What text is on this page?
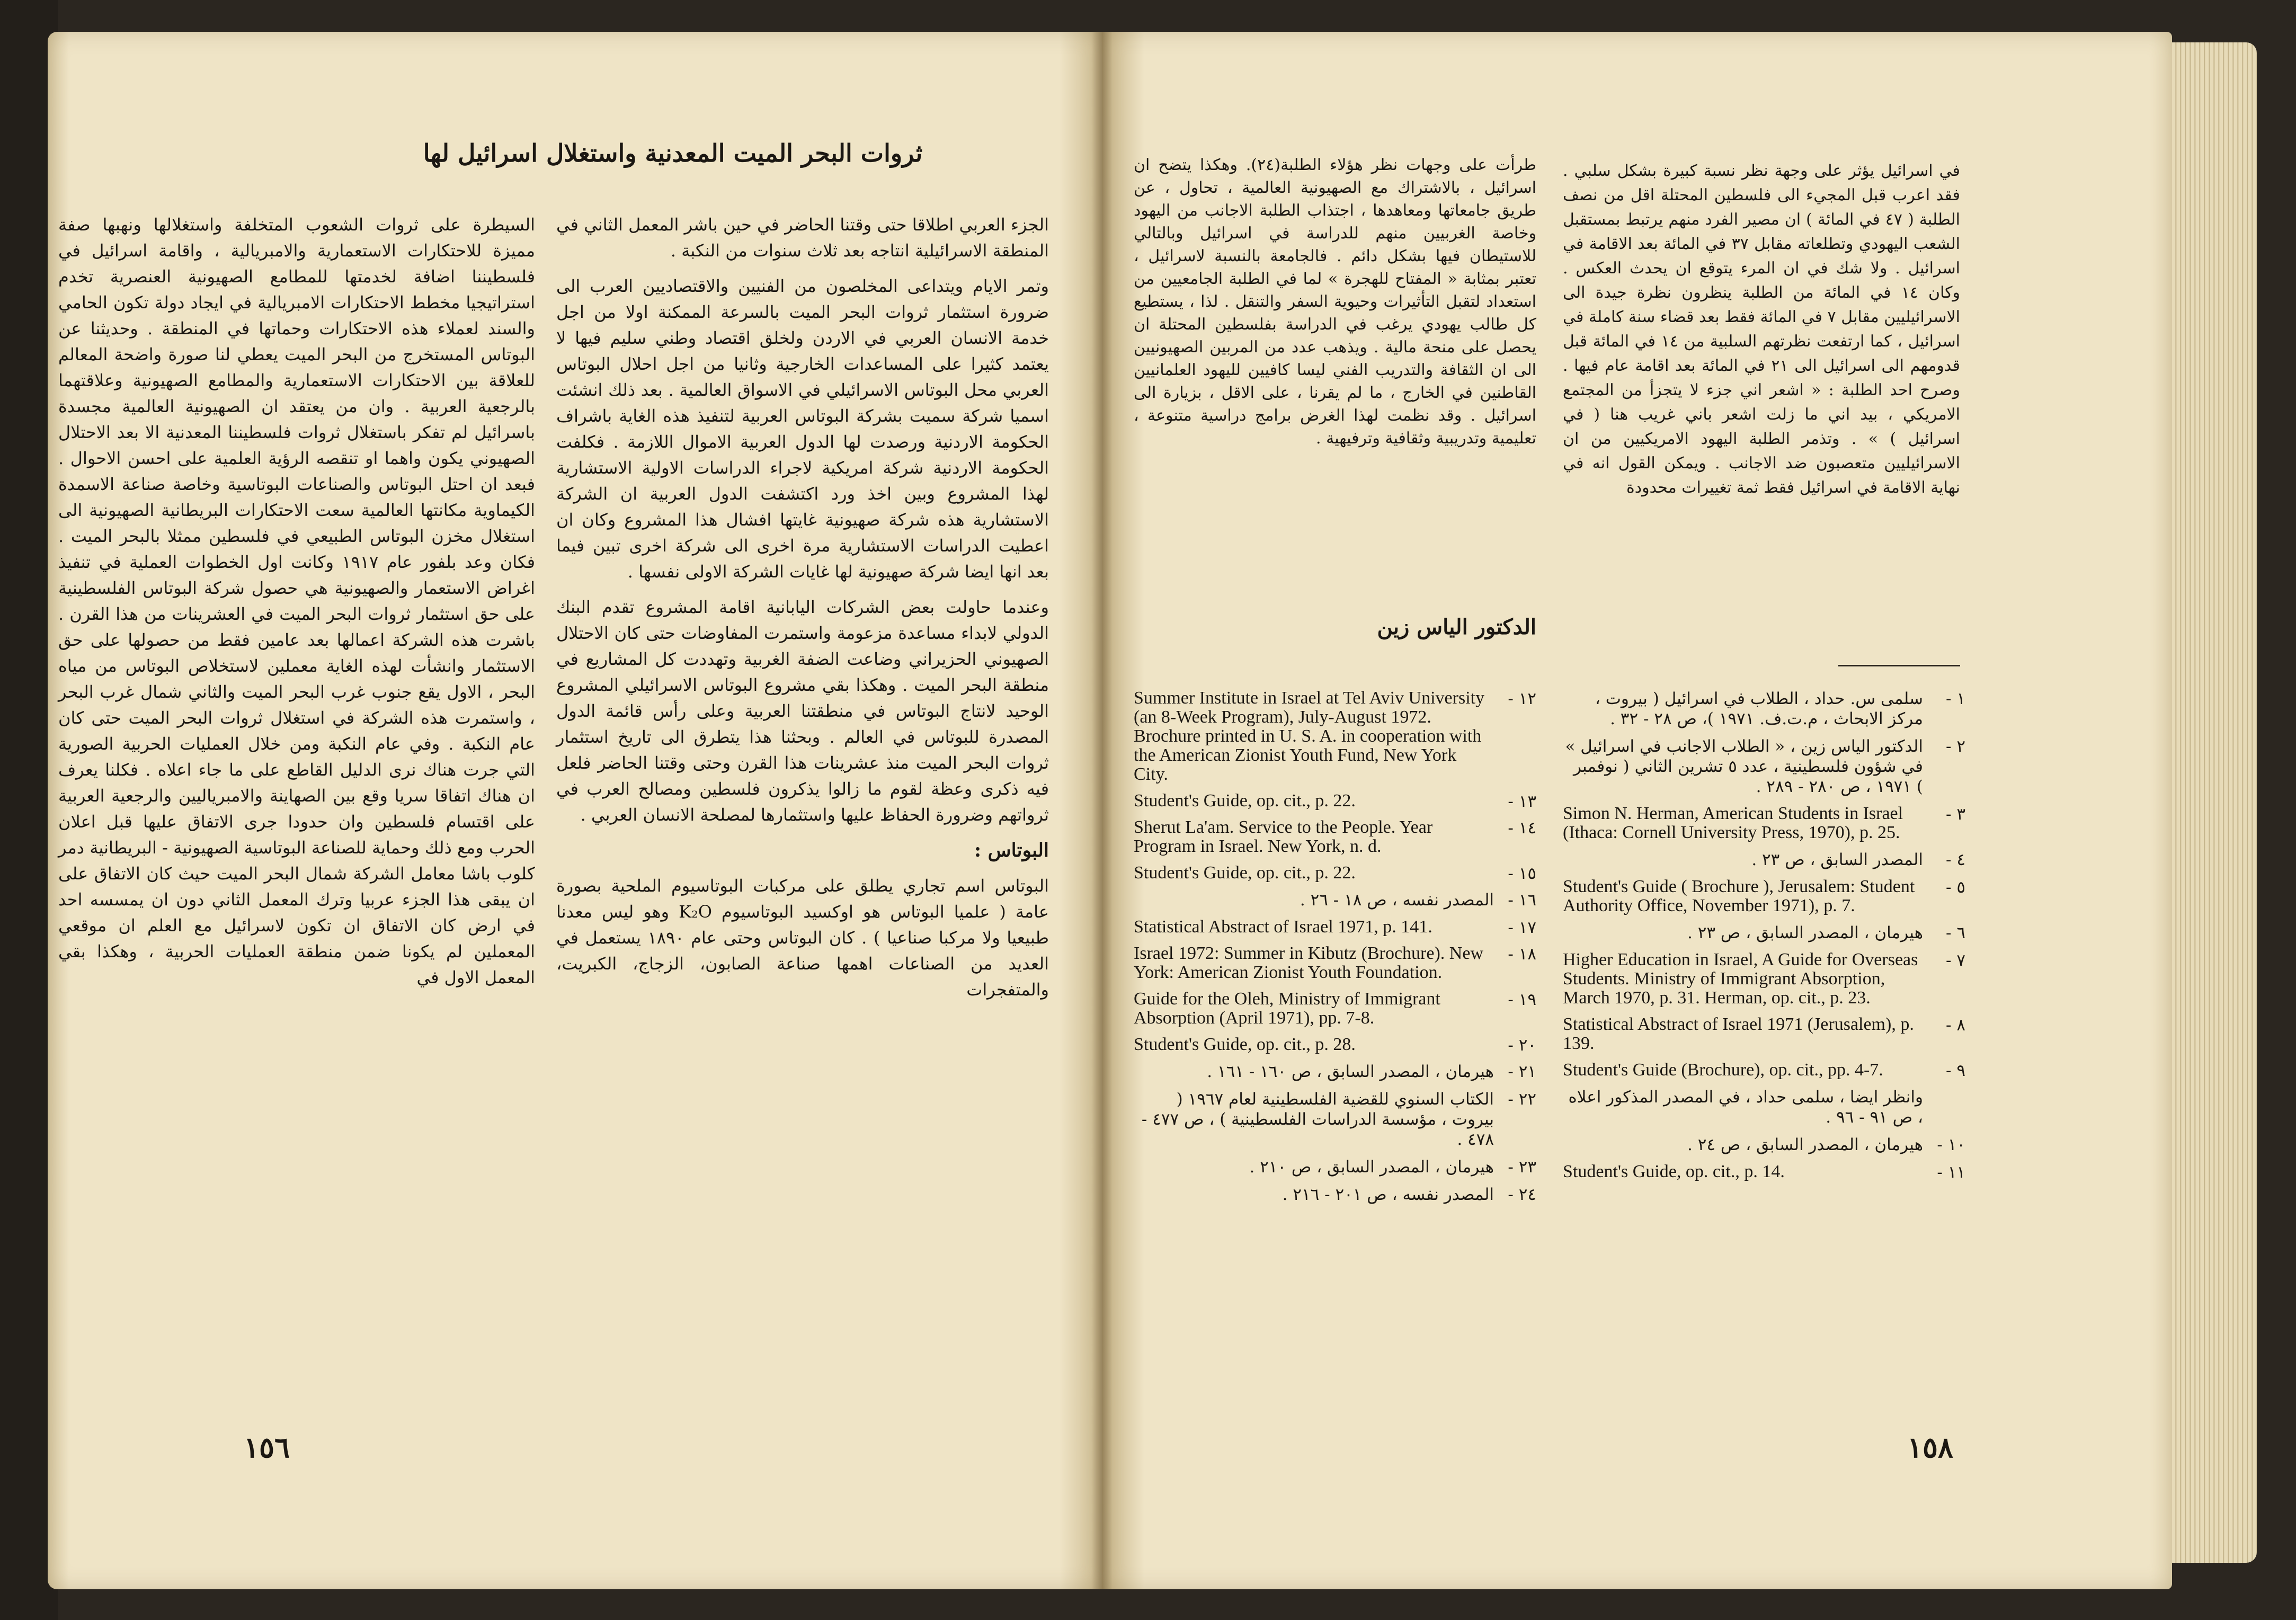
ثروات البحر الميت المعدنية واستغلال اسرائيل لها

الجزء العربي اطلاقا حتى وقتنا الحاضر في حين باشر المعمل الثاني في المنطقة الاسرائيلية انتاجه بعد ثلاث سنوات من النكبة .

وتمر الايام ويتداعى المخلصون من الفنيين والاقتصاديين العرب الى ضرورة استثمار ثروات البحر الميت بالسرعة الممكنة اولا من اجل خدمة الانسان العربي في الاردن ولخلق اقتصاد وطني سليم فيها لا يعتمد كثيرا على المساعدات الخارجية وثانيا من اجل احلال البوتاس العربي محل البوتاس الاسرائيلي في الاسواق العالمية . بعد ذلك انشئت اسميا شركة سميت بشركة البوتاس العربية لتنفيذ هذه الغاية باشراف الحكومة الاردنية ورصدت لها الدول العربية الاموال اللازمة . فكلفت الحكومة الاردنية شركة امريكية لاجراء الدراسات الاولية الاستشارية لهذا المشروع وبين اخذ ورد اكتشفت الدول العربية ان الشركة الاستشارية هذه شركة صهيونية غايتها افشال هذا المشروع وكان ان اعطيت الدراسات الاستشارية مرة اخرى الى شركة اخرى تبين فيما بعد انها ايضا شركة صهيونية لها غايات الشركة الاولى نفسها .

وعندما حاولت بعض الشركات اليابانية اقامة المشروع تقدم البنك الدولي لابداء مساعدة مزعومة واستمرت المفاوضات حتى كان الاحتلال الصهيوني الحزيراني وضاعت الضفة الغربية وتهددت كل المشاريع في منطقة البحر الميت . وهكذا بقي مشروع البوتاس الاسرائيلي المشروع الوحيد لانتاج البوتاس في منطقتنا العربية وعلى رأس قائمة الدول المصدرة للبوتاس في العالم . وبحثنا هذا يتطرق الى تاريخ استثمار ثروات البحر الميت منذ عشرينات هذا القرن وحتى وقتنا الحاضر فلعل فيه ذكرى وعظة لقوم ما زالوا يذكرون فلسطين ومصالح العرب في ثرواتهم وضرورة الحفاظ عليها واستثمارها لمصلحة الانسان العربي .

البوتاس :

البوتاس اسم تجاري يطلق على مركبات البوتاسيوم الملحية بصورة عامة ( علميا البوتاس هو اوكسيد البوتاسيوم K₂O وهو ليس معدنا طبيعيا ولا مركبا صناعيا ) . كان البوتاس وحتى عام ١٨٩٠ يستعمل في العديد من الصناعات اهمها صناعة الصابون، الزجاج، الكبريت، والمتفجرات

السيطرة على ثروات الشعوب المتخلفة واستغلالها ونهبها صفة مميزة للاحتكارات الاستعمارية والامبريالية ، واقامة اسرائيل في فلسطيننا اضافة لخدمتها للمطامع الصهيونية العنصرية تخدم استراتيجيا مخطط الاحتكارات الامبريالية في ايجاد دولة تكون الحامي والسند لعملاء هذه الاحتكارات وحماتها في المنطقة . وحديثنا عن البوتاس المستخرج من البحر الميت يعطي لنا صورة واضحة المعالم للعلاقة بين الاحتكارات الاستعمارية والمطامع الصهيونية وعلاقتهما بالرجعية العربية . وان من يعتقد ان الصهيونية العالمية مجسدة باسرائيل لم تفكر باستغلال ثروات فلسطيننا المعدنية الا بعد الاحتلال الصهيوني يكون واهما او تنقصه الرؤية العلمية على احسن الاحوال . فبعد ان احتل البوتاس والصناعات البوتاسية وخاصة صناعة الاسمدة الكيماوية مكانتها العالمية سعت الاحتكارات البريطانية الصهيونية الى استغلال مخزن البوتاس الطبيعي في فلسطين ممثلا بالبحر الميت . فكان وعد بلفور عام ١٩١٧ وكانت اول الخطوات العملية في تنفيذ اغراض الاستعمار والصهيونية هي حصول شركة البوتاس الفلسطينية على حق استثمار ثروات البحر الميت في العشرينات من هذا القرن . باشرت هذه الشركة اعمالها بعد عامين فقط من حصولها على حق الاستثمار وانشأت لهذه الغاية معملين لاستخلاص البوتاس من مياه البحر ، الاول يقع جنوب غرب البحر الميت والثاني شمال غرب البحر ، واستمرت هذه الشركة في استغلال ثروات البحر الميت حتى كان عام النكبة . وفي عام النكبة ومن خلال العمليات الحربية الصورية التي جرت هناك نرى الدليل القاطع على ما جاء اعلاه . فكلنا يعرف ان هناك اتفاقا سريا وقع بين الصهاينة والامبرياليين والرجعية العربية على اقتسام فلسطين وان حدودا جرى الاتفاق عليها قبل اعلان الحرب ومع ذلك وحماية للصناعة البوتاسية الصهيونية - البريطانية دمر كلوب باشا معامل الشركة شمال البحر الميت حيث كان الاتفاق على ان يبقى هذا الجزء عربيا وترك المعمل الثاني دون ان يمسسه احد في ارض كان الاتفاق ان تكون لاسرائيل مع العلم ان موقعي المعملين لم يكونا ضمن منطقة العمليات الحربية ، وهكذا بقي المعمل الاول في

١٥٦
في اسرائيل يؤثر على وجهة نظر نسبة كبيرة بشكل سلبي . فقد اعرب قبل المجيء الى فلسطين المحتلة اقل من نصف الطلبة ( ٤٧ في المائة ) ان مصير الفرد منهم يرتبط بمستقبل الشعب اليهودي وتطلعاته مقابل ٣٧ في المائة بعد الاقامة في اسرائيل . ولا شك في ان المرء يتوقع ان يحدث العكس . وكان ١٤ في المائة من الطلبة ينظرون نظرة جيدة الى الاسرائيليين مقابل ٧ في المائة فقط بعد قضاء سنة كاملة في اسرائيل ، كما ارتفعت نظرتهم السلبية من ١٤ في المائة قبل قدومهم الى اسرائيل الى ٢١ في المائة بعد اقامة عام فيها . وصرح احد الطلبة : « اشعر اني جزء لا يتجزأ من المجتمع الامريكي ، بيد اني ما زلت اشعر باني غريب هنا ( في اسرائيل ) » . وتذمر الطلبة اليهود الامريكيين من ان الاسرائيليين متعصبون ضد الاجانب . ويمكن القول انه في نهاية الاقامة في اسرائيل فقط ثمة تغييرات محدودة
طرأت على وجهات نظر هؤلاء الطلبة(٢٤). وهكذا يتضح ان اسرائيل ، بالاشتراك مع الصهيونية العالمية ، تحاول ، عن طريق جامعاتها ومعاهدها ، اجتذاب الطلبة الاجانب من اليهود وخاصة الغربيين منهم للدراسة في اسرائيل وبالتالي للاستيطان فيها بشكل دائم . فالجامعة بالنسبة لاسرائيل ، تعتبر بمثابة « المفتاح للهجرة » لما في الطلبة الجامعيين من استعداد لتقبل التأثيرات وحيوية السفر والتنقل . لذا ، يستطيع كل طالب يهودي يرغب في الدراسة بفلسطين المحتلة ان يحصل على منحة مالية . ويذهب عدد من المربين الصهيونيين الى ان الثقافة والتدريب الفني ليسا كافيين لليهود العلمانيين القاطنين في الخارج ، ما لم يقرنا ، على الاقل ، بزيارة الى اسرائيل . وقد نظمت لهذا الغرض برامج دراسية متنوعة ، تعليمية وتدريبية وثقافية وترفيهية .
الدكتور الياس زين
١ -
سلمى س. حداد ، الطلاب في اسرائيل ( بيروت ، مركز الابحاث ، م.ت.ف. ١٩٧١ )، ص ٢٨ - ٣٢ .
٢ -
الدكتور الياس زين ، « الطلاب الاجانب في اسرائيل » في شؤون فلسطينية ، عدد ٥ تشرين الثاني ( نوفمبر ) ١٩٧١ ، ص ٢٨٠ - ٢٨٩ .
٣ -
Simon N. Herman, American Students in Israel (Ithaca: Cornell University Press, 1970), p. 25.
٤ -
المصدر السابق ، ص ٢٣ .
٥ -
Student's Guide ( Brochure ), Jerusalem: Student Authority Office, November 1971), p. 7.
٦ -
هيرمان ، المصدر السابق ، ص ٢٣ .
٧ -
Higher Education in Israel, A Guide for Overseas Students. Ministry of Immigrant Absorption, March 1970, p. 31. Herman, op. cit., p. 23.
٨ -
Statistical Abstract of Israel 1971 (Jerusalem), p. 139.
٩ -
Student's Guide (Brochure), op. cit., pp. 4-7.
وانظر ايضا ، سلمى حداد ، في المصدر المذكور اعلاه ، ص ٩١ - ٩٦ .
١٠ -
هيرمان ، المصدر السابق ، ص ٢٤ .
١١ -
Student's Guide, op. cit., p. 14.
١٢ -
Summer Institute in Israel at Tel Aviv University (an 8-Week Program), July-August 1972. Brochure printed in U. S. A. in cooperation with the American Zionist Youth Fund, New York City.
١٣ -
Student's Guide, op. cit., p. 22.
١٤ -
Sherut La'am. Service to the People. Year Program in Israel. New York, n. d.
١٥ -
Student's Guide, op. cit., p. 22.
١٦ -
المصدر نفسه ، ص ١٨ - ٢٦ .
١٧ -
Statistical Abstract of Israel 1971, p. 141.
١٨ -
Israel 1972: Summer in Kibutz (Brochure). New York: American Zionist Youth Foundation.
١٩ -
Guide for the Oleh, Ministry of Immigrant Absorption (April 1971), pp. 7-8.
٢٠ -
Student's Guide, op. cit., p. 28.
٢١ -
هيرمان ، المصدر السابق ، ص ١٦٠ - ١٦١ .
٢٢ -
الكتاب السنوي للقضية الفلسطينية لعام ١٩٦٧ ( بيروت ، مؤسسة الدراسات الفلسطينية ) ، ص ٤٧٧ - ٤٧٨ .
٢٣ -
هيرمان ، المصدر السابق ، ص ٢١٠ .
٢٤ -
المصدر نفسه ، ص ٢٠١ - ٢١٦ .
١٥٨
